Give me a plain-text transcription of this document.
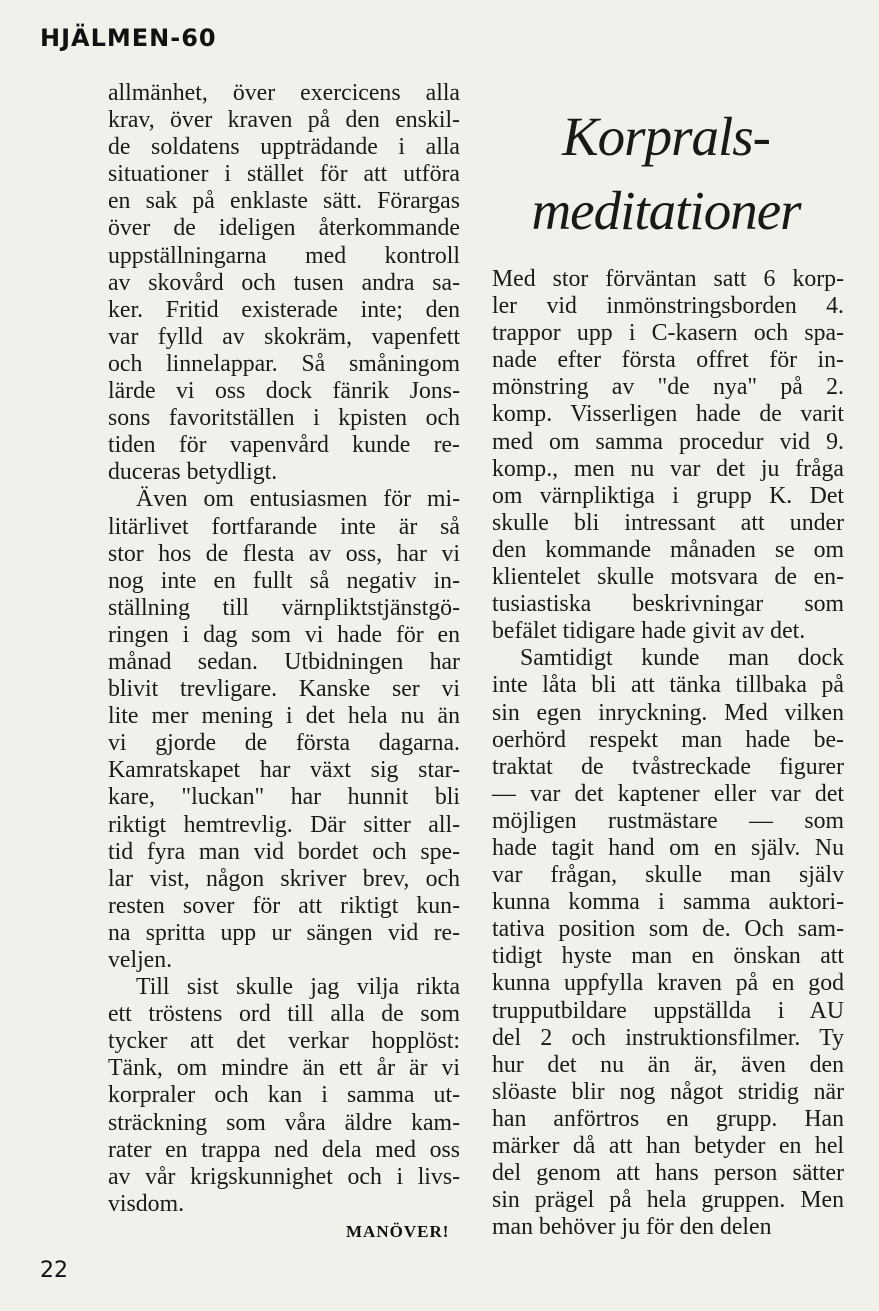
HJÄLMEN-60

allmänhet, över exercicens alla

krav, över kraven på den enskil-

de soldatens uppträdande i alla

situationer i stället för att utföra

en sak på enklaste sätt. Förargas

över de ideligen återkommande

uppställningarna med kontroll

av skovård och tusen andra sa-

ker. Fritid existerade inte; den

var fylld av skokräm, vapenfett

och linnelappar. Så småningom

lärde vi oss dock fänrik Jons-

sons favoritställen i kpisten och

tiden för vapenvård kunde re-

duceras betydligt.

Även om entusiasmen för mi-

litärlivet fortfarande inte är så

stor hos de flesta av oss, har vi

nog inte en fullt så negativ in-

ställning till värnpliktstjänstgö-

ringen i dag som vi hade för en

månad sedan. Utbidningen har

blivit trevligare. Kanske ser vi

lite mer mening i det hela nu än

vi gjorde de första dagarna.

Kamratskapet har växt sig star-

kare, "luckan" har hunnit bli

riktigt hemtrevlig. Där sitter all-

tid fyra man vid bordet och spe-

lar vist, någon skriver brev, och

resten sover för att riktigt kun-

na spritta upp ur sängen vid re-

veljen.

Till sist skulle jag vilja rikta

ett tröstens ord till alla de som

tycker att det verkar hopplöst:

Tänk, om mindre än ett år är vi

korpraler och kan i samma ut-

sträckning som våra äldre kam-

rater en trappa ned dela med oss

av vår krigskunnighet och i livs-

visdom.

MANÖVER!
Korprals-
meditationer

Med stor förväntan satt 6 korp-

ler vid inmönstringsborden 4.

trappor upp i C-kasern och spa-

nade efter första offret för in-

mönstring av "de nya" på 2.

komp. Visserligen hade de varit

med om samma procedur vid 9.

komp., men nu var det ju fråga

om värnpliktiga i grupp K. Det

skulle bli intressant att under

den kommande månaden se om

klientelet skulle motsvara de en-

tusiastiska beskrivningar som

befälet tidigare hade givit av det.

Samtidigt kunde man dock

inte låta bli att tänka tillbaka på

sin egen inryckning. Med vilken

oerhörd respekt man hade be-

traktat de tvåstreckade figurer

— var det kaptener eller var det

möjligen rustmästare — som

hade tagit hand om en själv. Nu

var frågan, skulle man själv

kunna komma i samma auktori-

tativa position som de. Och sam-

tidigt hyste man en önskan att

kunna uppfylla kraven på en god

trupputbildare uppställda i AU

del 2 och instruktionsfilmer. Ty

hur det nu än är, även den

slöaste blir nog något stridig när

han anförtros en grupp. Han

märker då att han betyder en hel

del genom att hans person sätter

sin prägel på hela gruppen. Men

man behöver ju för den delen

22
